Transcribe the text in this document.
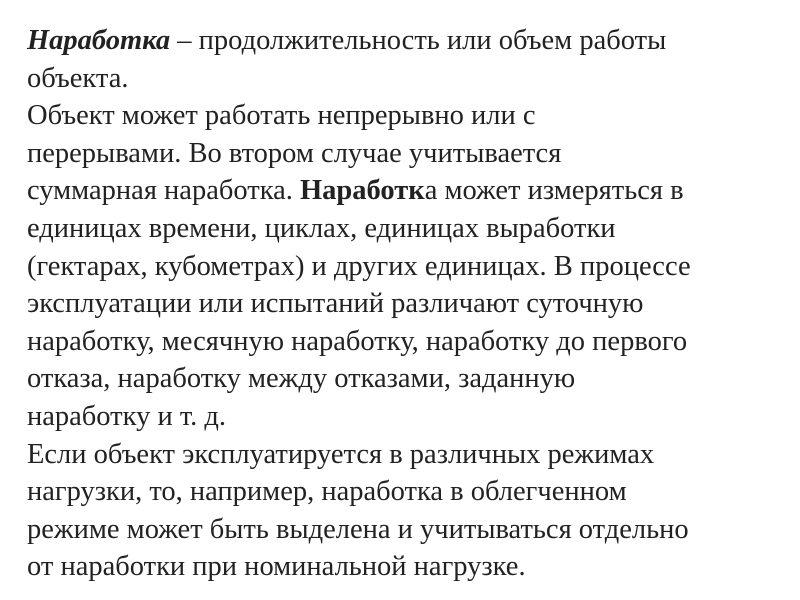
Наработка – продолжительность или объем работы
объекта.
Объект может работать непрерывно или с
перерывами. Во втором случае учитывается
суммарная наработка. Наработка может измеряться в
единицах времени, циклах, единицах выработки
(гектарах, кубометрах) и других единицах. В процессе
эксплуатации или испытаний различают суточную
наработку, месячную наработку, наработку до первого
отказа, наработку между отказами, заданную
наработку и т. д.
Если объект эксплуатируется в различных режимах
нагрузки, то, например, наработка в облегченном
режиме может быть выделена и учитываться отдельно
от наработки при номинальной нагрузке.
